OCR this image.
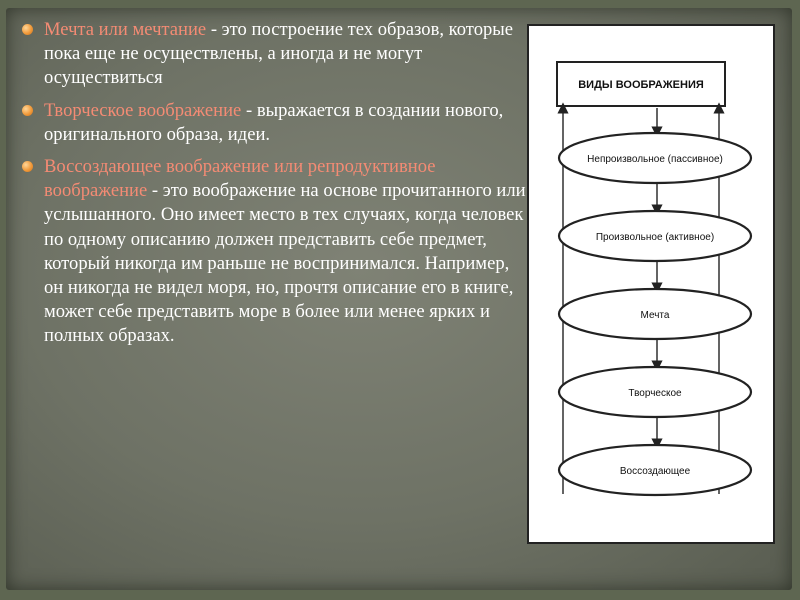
Мечта или мечтание - это построение тех образов, которые пока еще не осуществлены, а иногда и не могут осуществиться
Творческое воображение - выражается в создании нового, оригинального образа, идеи.
Воссоздающее воображение или репродуктивное воображение - это воображение на основе прочитанного или услышанного. Оно имеет место в тех случаях, когда человек по одному описанию должен представить себе предмет, который никогда им раньше не воспринимался. Например, он никогда не видел моря, но, прочтя описание его в книге, может себе представить море в более или менее ярких и полных образах.
ВИДЫ ВООБРАЖЕНИЯ
Непроизвольное (пассивное)
Произвольное (активное)
Мечта
Творческое
Воссоздающее
